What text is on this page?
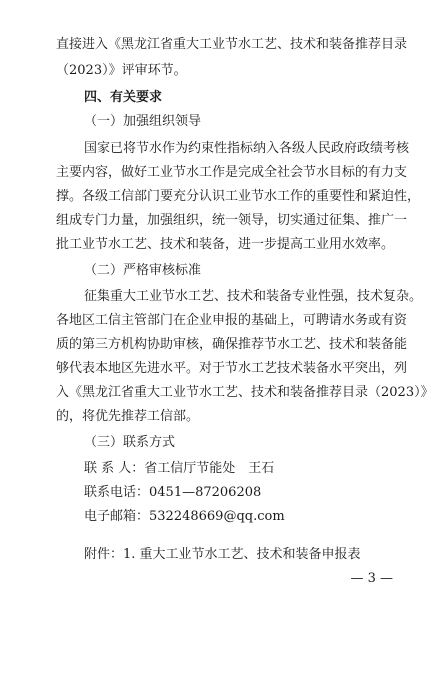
直接进入《黑龙江省重大工业节水工艺、技术和装备推荐目录
（2023）》评审环节。
四、有关要求
（一）加强组织领导
国家已将节水作为约束性指标纳入各级人民政府政绩考核
主要内容，做好工业节水工作是完成全社会节水目标的有力支
撑。各级工信部门要充分认识工业节水工作的重要性和紧迫性，
组成专门力量，加强组织，统一领导，切实通过征集、推广一
批工业节水工艺、技术和装备，进一步提高工业用水效率。
（二）严格审核标准
征集重大工业节水工艺、技术和装备专业性强，技术复杂。
各地区工信主管部门在企业申报的基础上，可聘请水务或有资
质的第三方机构协助审核，确保推荐节水工艺、技术和装备能
够代表本地区先进水平。对于节水工艺技术装备水平突出，列
入《黑龙江省重大工业节水工艺、技术和装备推荐目录（2023）》
的，将优先推荐工信部。
（三）联系方式
联 系 人：省工信厅节能处　王石
联系电话：0451—87206208
电子邮箱：532248669@qq.com
附件：1. 重大工业节水工艺、技术和装备申报表
— 3 —
